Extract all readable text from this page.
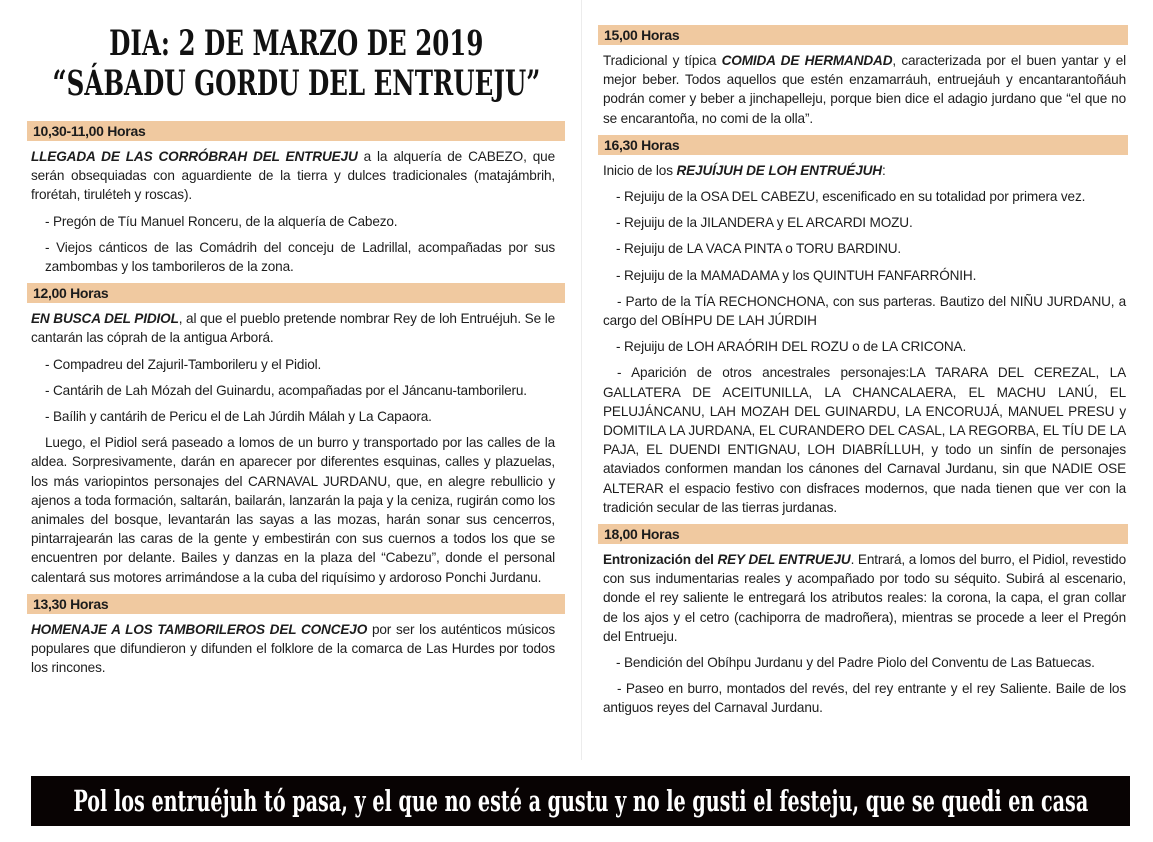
DIA: 2 DE MARZO DE 2019
“SÁBADU GORDU DEL ENTRUEJU”
10,30-11,00 Horas
LLEGADA DE LAS CORRÓBRAH DEL ENTRUEJU a la alquería de CABEZO, que serán obsequiadas con aguardiente de la tierra y dulces tradicionales (matajámbrih, frorétah, tiruléteh y roscas).
- Pregón de Tíu Manuel Ronceru, de la alquería de Cabezo.
- Viejos cánticos de las Comádrih del conceju de Ladrillal, acompañadas por sus zambombas y los tamborileros de la zona.
12,00 Horas
EN BUSCA DEL PIDIOL, al que el pueblo pretende nombrar Rey de loh Entruéjuh. Se le cantarán las cóprah de la antigua Arborá.
- Compadreu del Zajuril-Tamborileru y el Pidiol.
- Cantárih de Lah Mózah del Guinardu, acompañadas por el Jáncanu-tamborileru.
- Baílih y cantárih de Pericu el de Lah Júrdih Málah y La Capaora.
Luego, el Pidiol será paseado a lomos de un burro y transportado por las calles de la aldea. Sorpresivamente, darán en aparecer por diferentes esquinas, calles y plazuelas, los más variopintos personajes del CARNAVAL JURDANU, que, en alegre rebullicio y ajenos a toda formación, saltarán, bailarán, lanzarán la paja y la ceniza, rugirán como los animales del bosque, levantarán las sayas a las mozas, harán sonar sus cencerros, pintarrajearán las caras de la gente y embestirán con sus cuernos a todos los que se encuentren por delante. Bailes y danzas en la plaza del “Cabezu”, donde el personal calentará sus motores arrimándose a la cuba del riquísimo y ardoroso Ponchi Jurdanu.
13,30 Horas
HOMENAJE A LOS TAMBORILEROS DEL CONCEJO por ser los auténticos músicos populares que difundieron y difunden el folklore de la comarca de Las Hurdes por todos los rincones.
15,00 Horas
Tradicional y típica COMIDA DE HERMANDAD, caracterizada por el buen yantar y el mejor beber. Todos aquellos que estén enzamarráuh, entruejáuh y encantarantoñáuh podrán comer y beber a jinchapelleju, porque bien dice el adagio jurdano que “el que no se encarantoña, no comi de la olla”.
16,30 Horas
Inicio de los REJUÍJUH DE LOH ENTRUÉJUH:
- Rejuiju de la OSA DEL CABEZU, escenificado en su totalidad por primera vez.
- Rejuiju de la JILANDERA y EL ARCARDI MOZU.
- Rejuiju de LA VACA PINTA o TORU BARDINU.
- Rejuiju de la MAMADAMA y los QUINTUH FANFARRÓNIH.
- Parto de la TÍA RECHONCHONA, con sus parteras. Bautizo del NIÑU JURDANU, a cargo del OBÍHPU DE LAH JÚRDIH
- Rejuiju de LOH ARAÓRIH DEL ROZU o de LA CRICONA.
- Aparición de otros ancestrales personajes:LA TARARA DEL CEREZAL, LA GALLATERA DE ACEITUNILLA, LA CHANCALAERA, EL MACHU LANÚ, EL PELUJÁNCANU, LAH MOZAH DEL GUINARDU, LA ENCORUJÁ, MANUEL PRESU y DOMITILA LA JURDANA, EL CURANDERO DEL CASAL, LA REGORBA, EL TÍU DE LA PAJA, EL DUENDI ENTIGNAU, LOH DIABRÍLLUH, y todo un sinfín de personajes ataviados conformen mandan los cánones del Carnaval Jurdanu, sin que NADIE OSE ALTERAR el espacio festivo con disfraces modernos, que nada tienen que ver con la tradición secular de las tierras jurdanas.
18,00 Horas
Entronización del REY DEL ENTRUEJU. Entrará, a lomos del burro, el Pidiol, revestido con sus indumentarias reales y acompañado por todo su séquito. Subirá al escenario, donde el rey saliente le entregará los atributos reales: la corona, la capa, el gran collar de los ajos y el cetro (cachiporra de madroñera), mientras se procede a leer el Pregón del Entrueju.
- Bendición del Obíhpu Jurdanu y del Padre Piolo del Conventu de Las Batuecas.
- Paseo en burro, montados del revés, del rey entrante y el rey Saliente. Baile de los antiguos reyes del Carnaval Jurdanu.
Pol los entruéjuh tó pasa, y el que no esté a gustu y no le gusti el festeju, que se quedi en casa
